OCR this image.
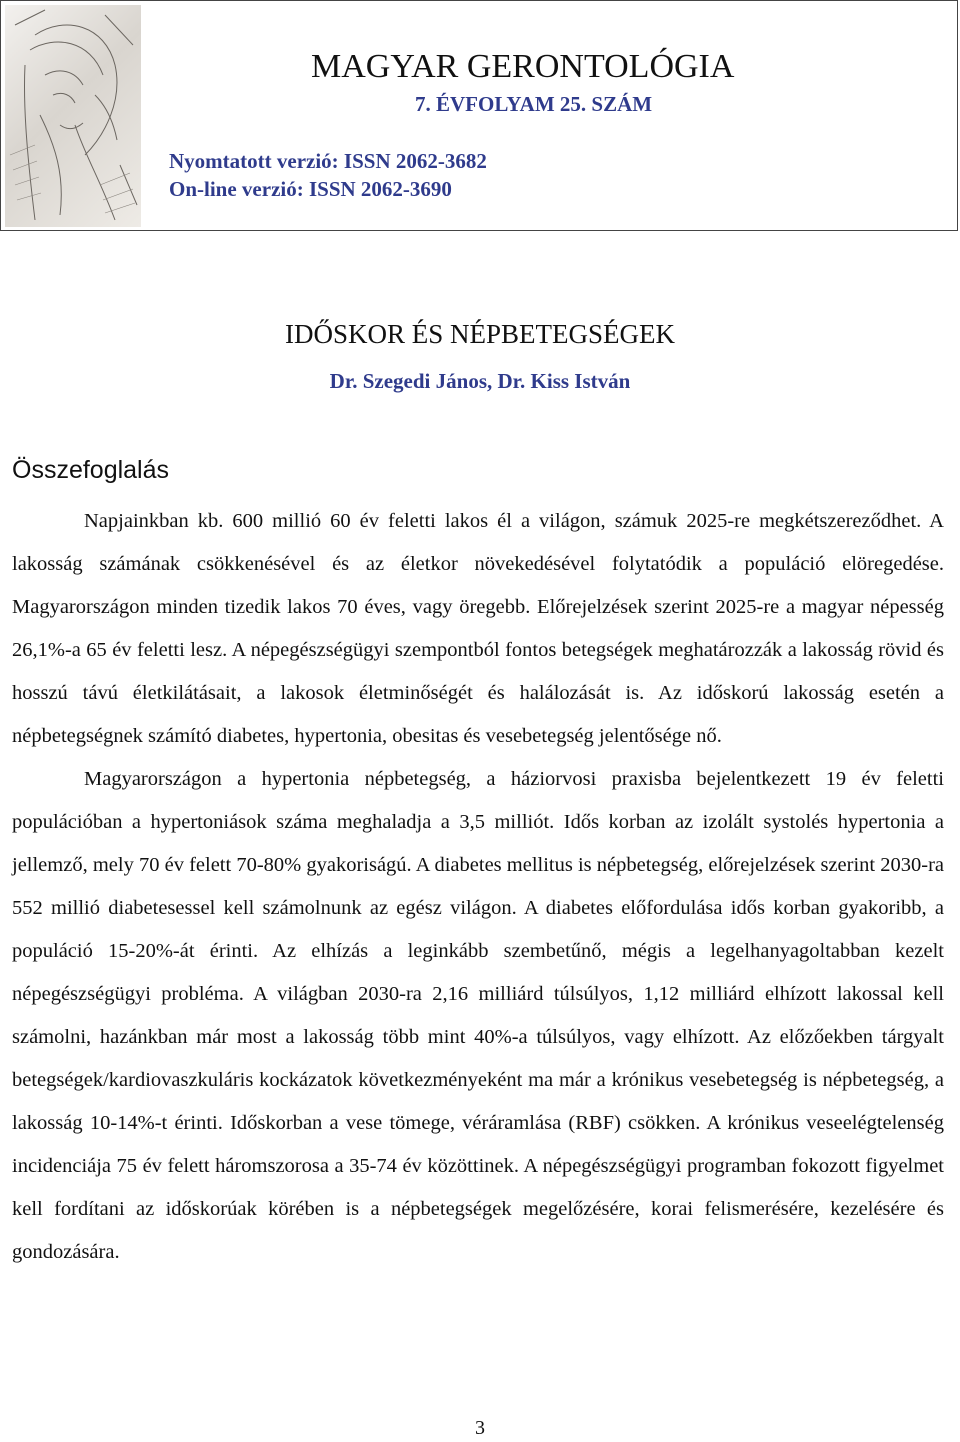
MAGYAR GERONTOLÓGIA
7. ÉVFOLYAM 25. SZÁM
Nyomtatott verzió: ISSN 2062-3682
On-line verzió: ISSN 2062-3690
IDŐSKOR ÉS NÉPBETEGSÉGEK
Dr. Szegedi János, Dr. Kiss István
Összefoglalás

Napjainkban kb. 600 millió 60 év feletti lakos él a világon, számuk 2025-re megkétszereződhet. A lakosság számának csökkenésével és az életkor növekedésével folytatódik a populáció elöregedése. Magyarországon minden tizedik lakos 70 éves, vagy öregebb. Előrejelzések szerint 2025-re a magyar népesség 26,1%-a 65 év feletti lesz. A népegészségügyi szempontból fontos betegségek meghatározzák a lakosság rövid és hosszú távú életkilátásait, a lakosok életminőségét és halálozását is. Az időskorú lakosság esetén a népbetegségnek számító diabetes, hypertonia, obesitas és vesebetegség jelentősége nő.

Magyarországon a hypertonia népbetegség, a háziorvosi praxisba bejelentkezett 19 év feletti populációban a hypertoniások száma meghaladja a 3,5 milliót. Idős korban az izolált systolés hypertonia a jellemző, mely 70 év felett 70-80% gyakoriságú. A diabetes mellitus is népbetegség, előrejelzések szerint 2030-ra 552 millió diabetesessel kell számolnunk az egész világon. A diabetes előfordulása idős korban gyakoribb, a populáció 15-20%-át érinti. Az elhízás a leginkább szembetűnő, mégis a legelhanyagoltabban kezelt népegészségügyi probléma. A világban 2030-ra 2,16 milliárd túlsúlyos, 1,12 milliárd elhízott lakossal kell számolni, hazánkban már most a lakosság több mint 40%-a túlsúlyos, vagy elhízott. Az előzőekben tárgyalt betegségek/kardiovaszkuláris kockázatok következményeként ma már a krónikus vesebetegség is népbetegség, a lakosság 10-14%-t érinti. Időskorban a vese tömege, véráramlása (RBF) csökken. A krónikus veseelégtelenség incidenciája 75 év felett háromszorosa a 35-74 év közöttinek. A népegészségügyi programban fokozott figyelmet kell fordítani az időskorúak körében is a népbetegségek megelőzésére, korai felismerésére, kezelésére és gondozására.

3
